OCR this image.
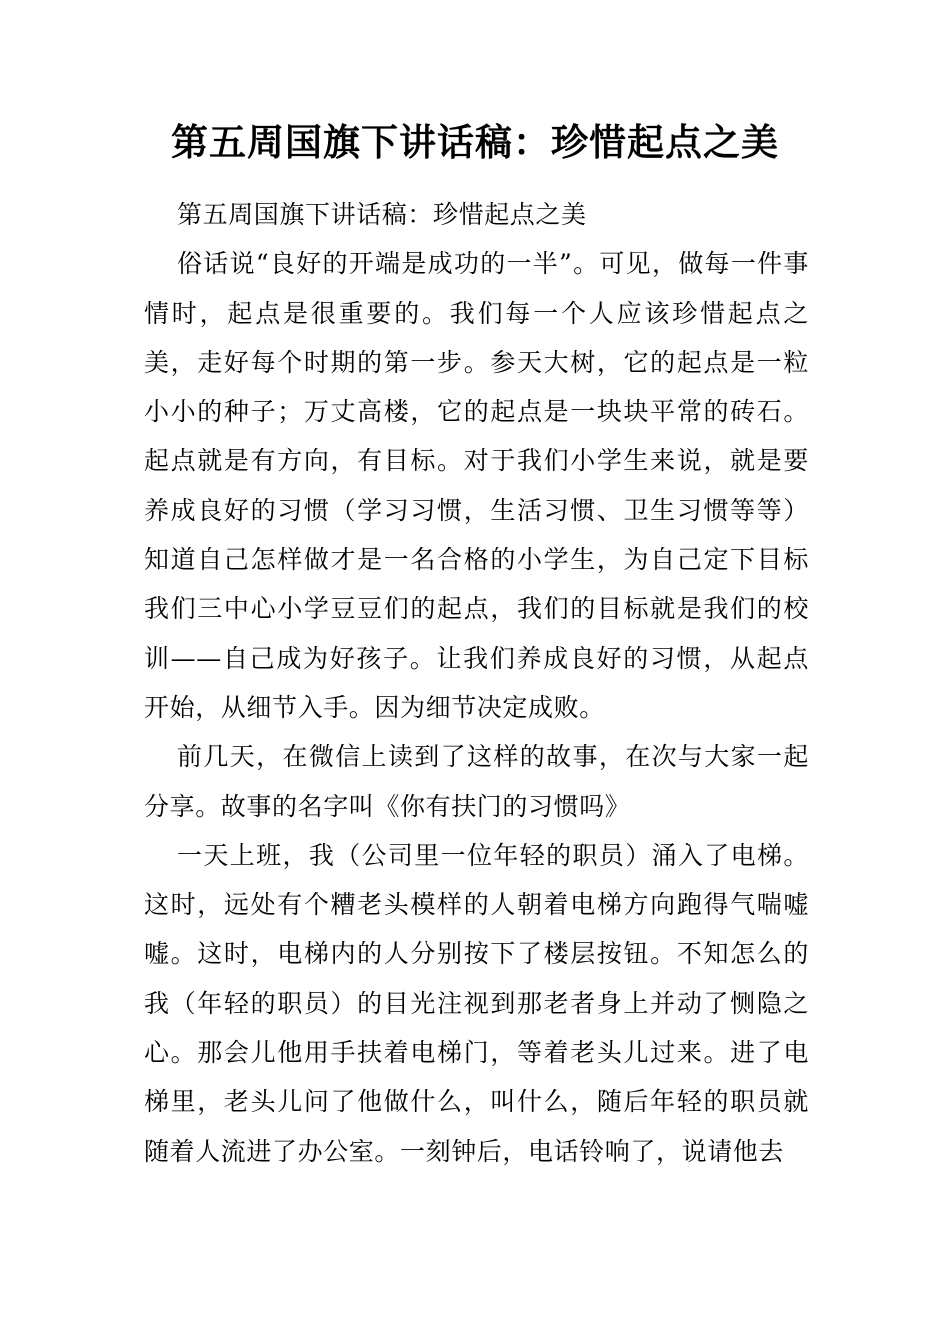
第五周国旗下讲话稿：珍惜起点之美

第五周国旗下讲话稿：珍惜起点之美

俗话说“良好的开端是成功的一半”。可见，做每一件事情时，起点是很重要的。我们每一个人应该珍惜起点之美，走好每个时期的第一步。参天大树，它的起点是一粒小小的种子；万丈高楼，它的起点是一块块平常的砖石。起点就是有方向，有目标。对于我们小学生来说，就是要养成良好的习惯（学习习惯，生活习惯、卫生习惯等等）知道自己怎样做才是一名合格的小学生，为自己定下目标我们三中心小学豆豆们的起点，我们的目标就是我们的校训——自己成为好孩子。让我们养成良好的习惯，从起点开始，从细节入手。因为细节决定成败。

前几天，在微信上读到了这样的故事，在次与大家一起分享。故事的名字叫《你有扶门的习惯吗》

一天上班，我（公司里一位年轻的职员）涌入了电梯。这时，远处有个糟老头模样的人朝着电梯方向跑得气喘嘘嘘。这时，电梯内的人分别按下了楼层按钮。不知怎么的我（年轻的职员）的目光注视到那老者身上并动了恻隐之心。那会儿他用手扶着电梯门，等着老头儿过来。进了电梯里，老头儿问了他做什么，叫什么，随后年轻的职员就随着人流进了办公室。一刻钟后，电话铃响了，说请他去
